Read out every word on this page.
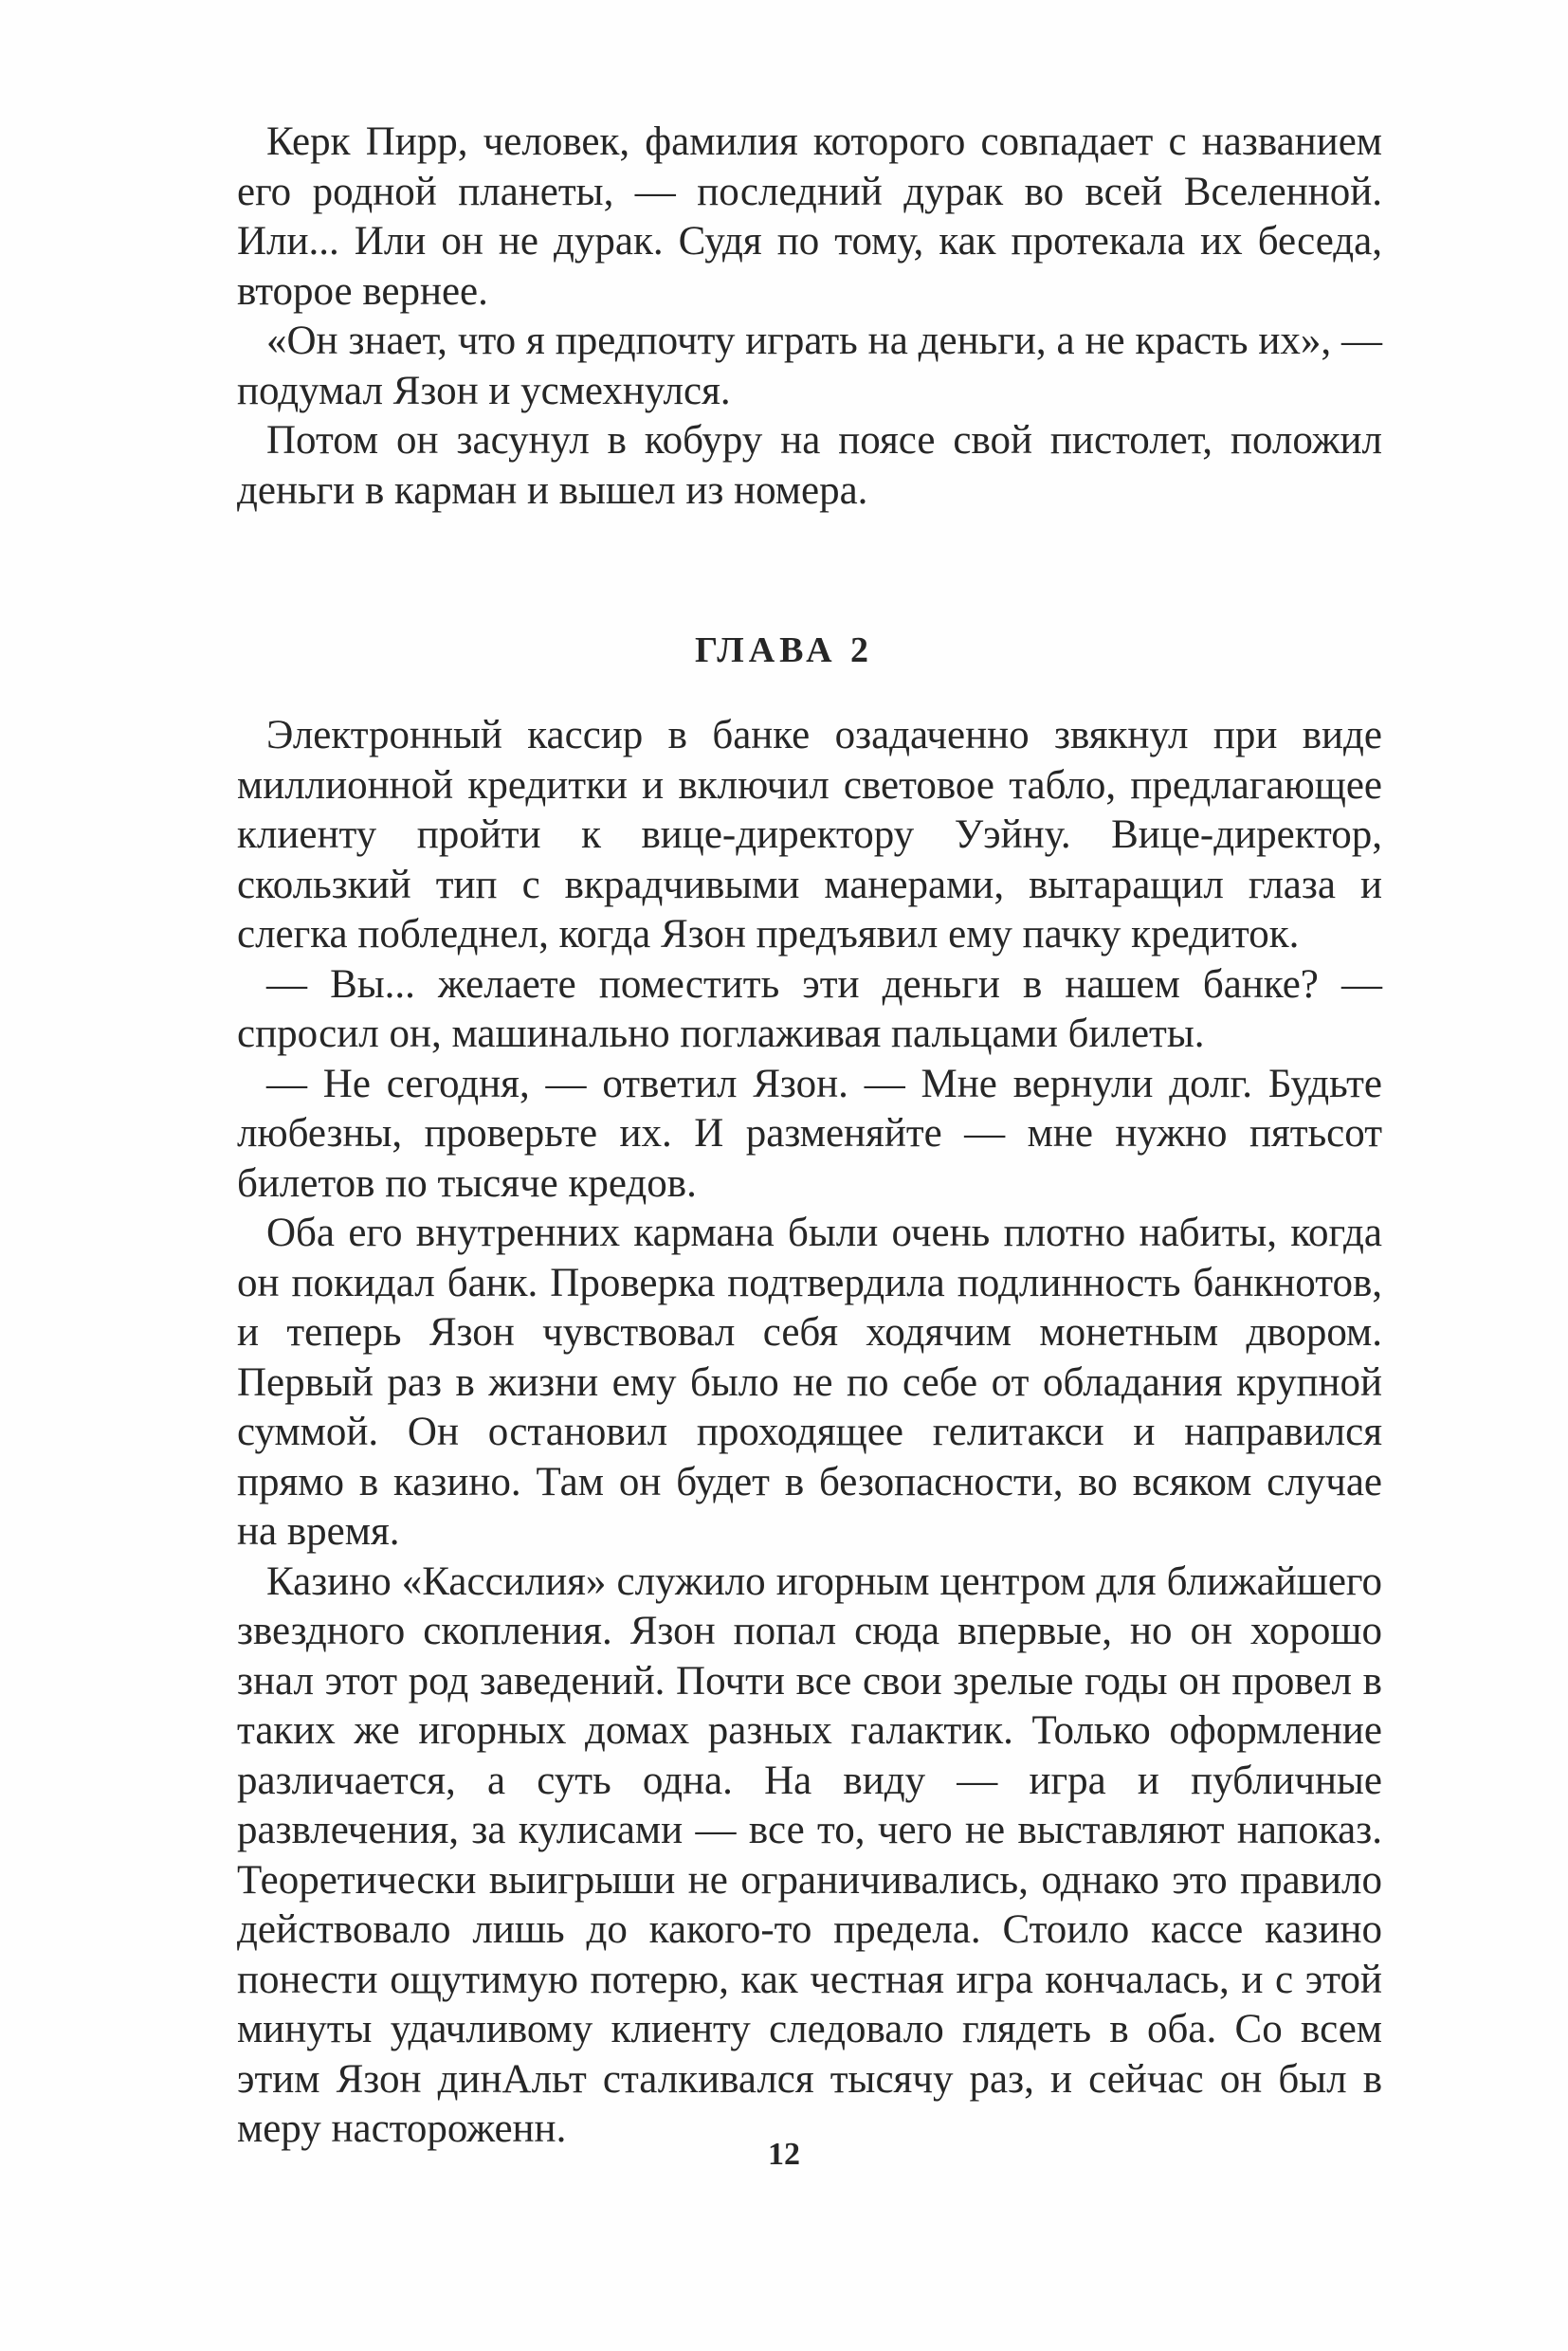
Керк Пирр, человек, фамилия которого совпадает с названием его родной планеты, — последний дурак во всей Вселенной. Или... Или он не дурак. Судя по тому, как протекала их беседа, второе вернее.

«Он знает, что я предпочту играть на деньги, а не красть их», — подумал Язон и усмехнулся.

Потом он засунул в кобуру на поясе свой пистолет, положил деньги в карман и вышел из номера.

ГЛАВА 2

Электронный кассир в банке озадаченно звякнул при виде миллионной кредитки и включил световое табло, предлагающее клиенту пройти к вице-директору Уэйну. Вице-директор, скользкий тип с вкрадчивыми манерами, вытаращил глаза и слегка побледнел, когда Язон предъявил ему пачку кредиток.

— Вы... желаете поместить эти деньги в нашем банке? — спросил он, машинально поглаживая пальцами билеты.

— Не сегодня, — ответил Язон. — Мне вернули долг. Будьте любезны, проверьте их. И разменяйте — мне нужно пятьсот билетов по тысяче кредов.

Оба его внутренних кармана были очень плотно набиты, когда он покидал банк. Проверка подтвердила подлинность банкнотов, и теперь Язон чувствовал себя ходячим монетным двором. Первый раз в жизни ему было не по себе от обладания крупной суммой. Он остановил проходящее гелитакси и направился прямо в казино. Там он будет в безопасности, во всяком случае на время.

Казино «Кассилия» служило игорным центром для ближайшего звездного скопления. Язон попал сюда впервые, но он хорошо знал этот род заведений. Почти все свои зрелые годы он провел в таких же игорных домах разных галактик. Только оформление различается, а суть одна. На виду — игра и публичные развлечения, за кулисами — все то, чего не выставляют напоказ. Теоретически выигрыши не ограничивались, однако это правило действовало лишь до какого-то предела. Стоило кассе казино понести ощутимую потерю, как честная игра кончалась, и с этой минуты удачливому клиенту следовало глядеть в оба. Со всем этим Язон динАльт сталкивался тысячу раз, и сейчас он был в меру настороженн.

12
